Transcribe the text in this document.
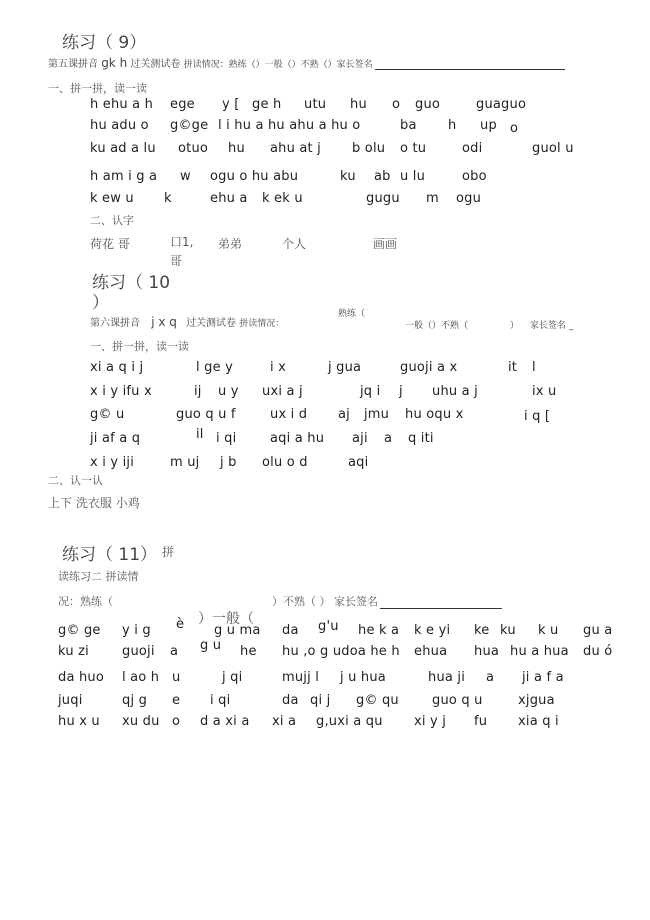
练习（ 9）
第五课拼音 gk h 过关测试卷 拼读情况：熟练（）一般（）不熟（）家长签名
一、拼一拼，读一读
h ehu a h ege y [ ge h utu hu o guo	guaguo
hu adu o g©ge l i hu a hu ahu a hu o	ba h up o
ku ad a lu otuo hu ahu at j b olu o tu	odi	guol u
h am i g a w ogu o hu abu	ku ab u lu	obo
k ew u k	ehu a k ek u	gugu m ogu
二、认字
荷花 哥	口1, 弟弟	个人	画画
哥
练习（ 10
）
第六课拼音 j x q 过关测试卷 拼读情况：
熟练（
一般（）不熟（	） 家长签名 _
一、拼一拼，读一读
xi a q i j	l ge y	i x	j gua	guoji a x	it l
x i y ifu x	ij u y uxi a j	jq i j uhu a j	ix u
g© u	guo q u f	ux i d aj jmu hu oqu x	i q [
ji af a q	il i qi	aqi a hu aji a q iti
x i y iji	m uj j b olu o d	aqi
二、认一认
上下 洗衣服 小鸡
练习（ 11） 拼
读练习二 拼读情
况：熟练（	）不熟（ ） 家长签名
）一般（
g© ge y i g è g u ma da g'u he k a k e yi ke ku k u gu a
ku zi	guoji a g u he hu ,o g udoa he h ehua hua hu a hua du ó
da huo l ao h u	j qi	mujj l j u hua	hua ji a ji a f a
juqi	qj g e i qi	da qi j g© qu	guo q u	xjgua
hu x u xu du o d a xi a xi a g,uxi a qu xi y j fu xia q i
